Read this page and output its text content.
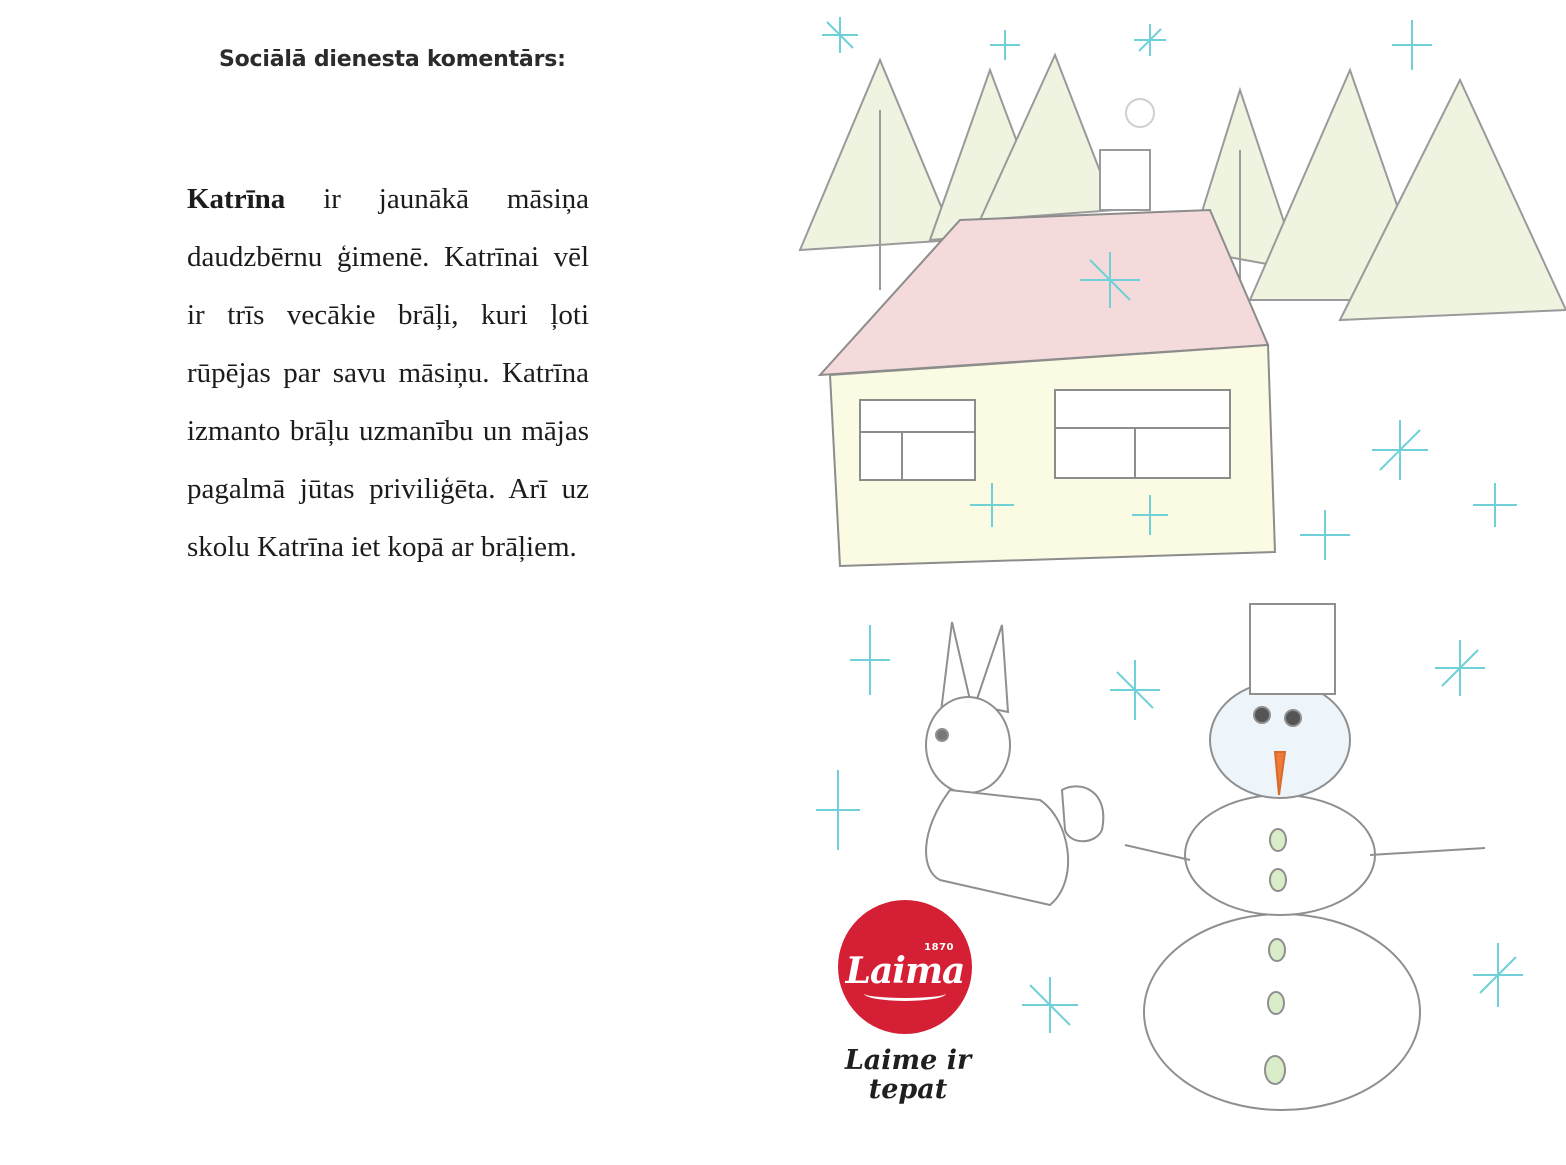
Sociālā dienesta komentārs:

Katrīna ir jaunākā māsiņa daudzbērnu ģimenē. Katrīnai vēl ir trīs vecākie brāļi, kuri ļoti rūpējas par savu māsiņu. Katrīna izmanto brāļu uzmanību un mājas pagalmā jūtas priviliģēta. Arī uz skolu Katrīna iet kopā ar brāļiem.

1870
Laima
Laime ir
tepat
